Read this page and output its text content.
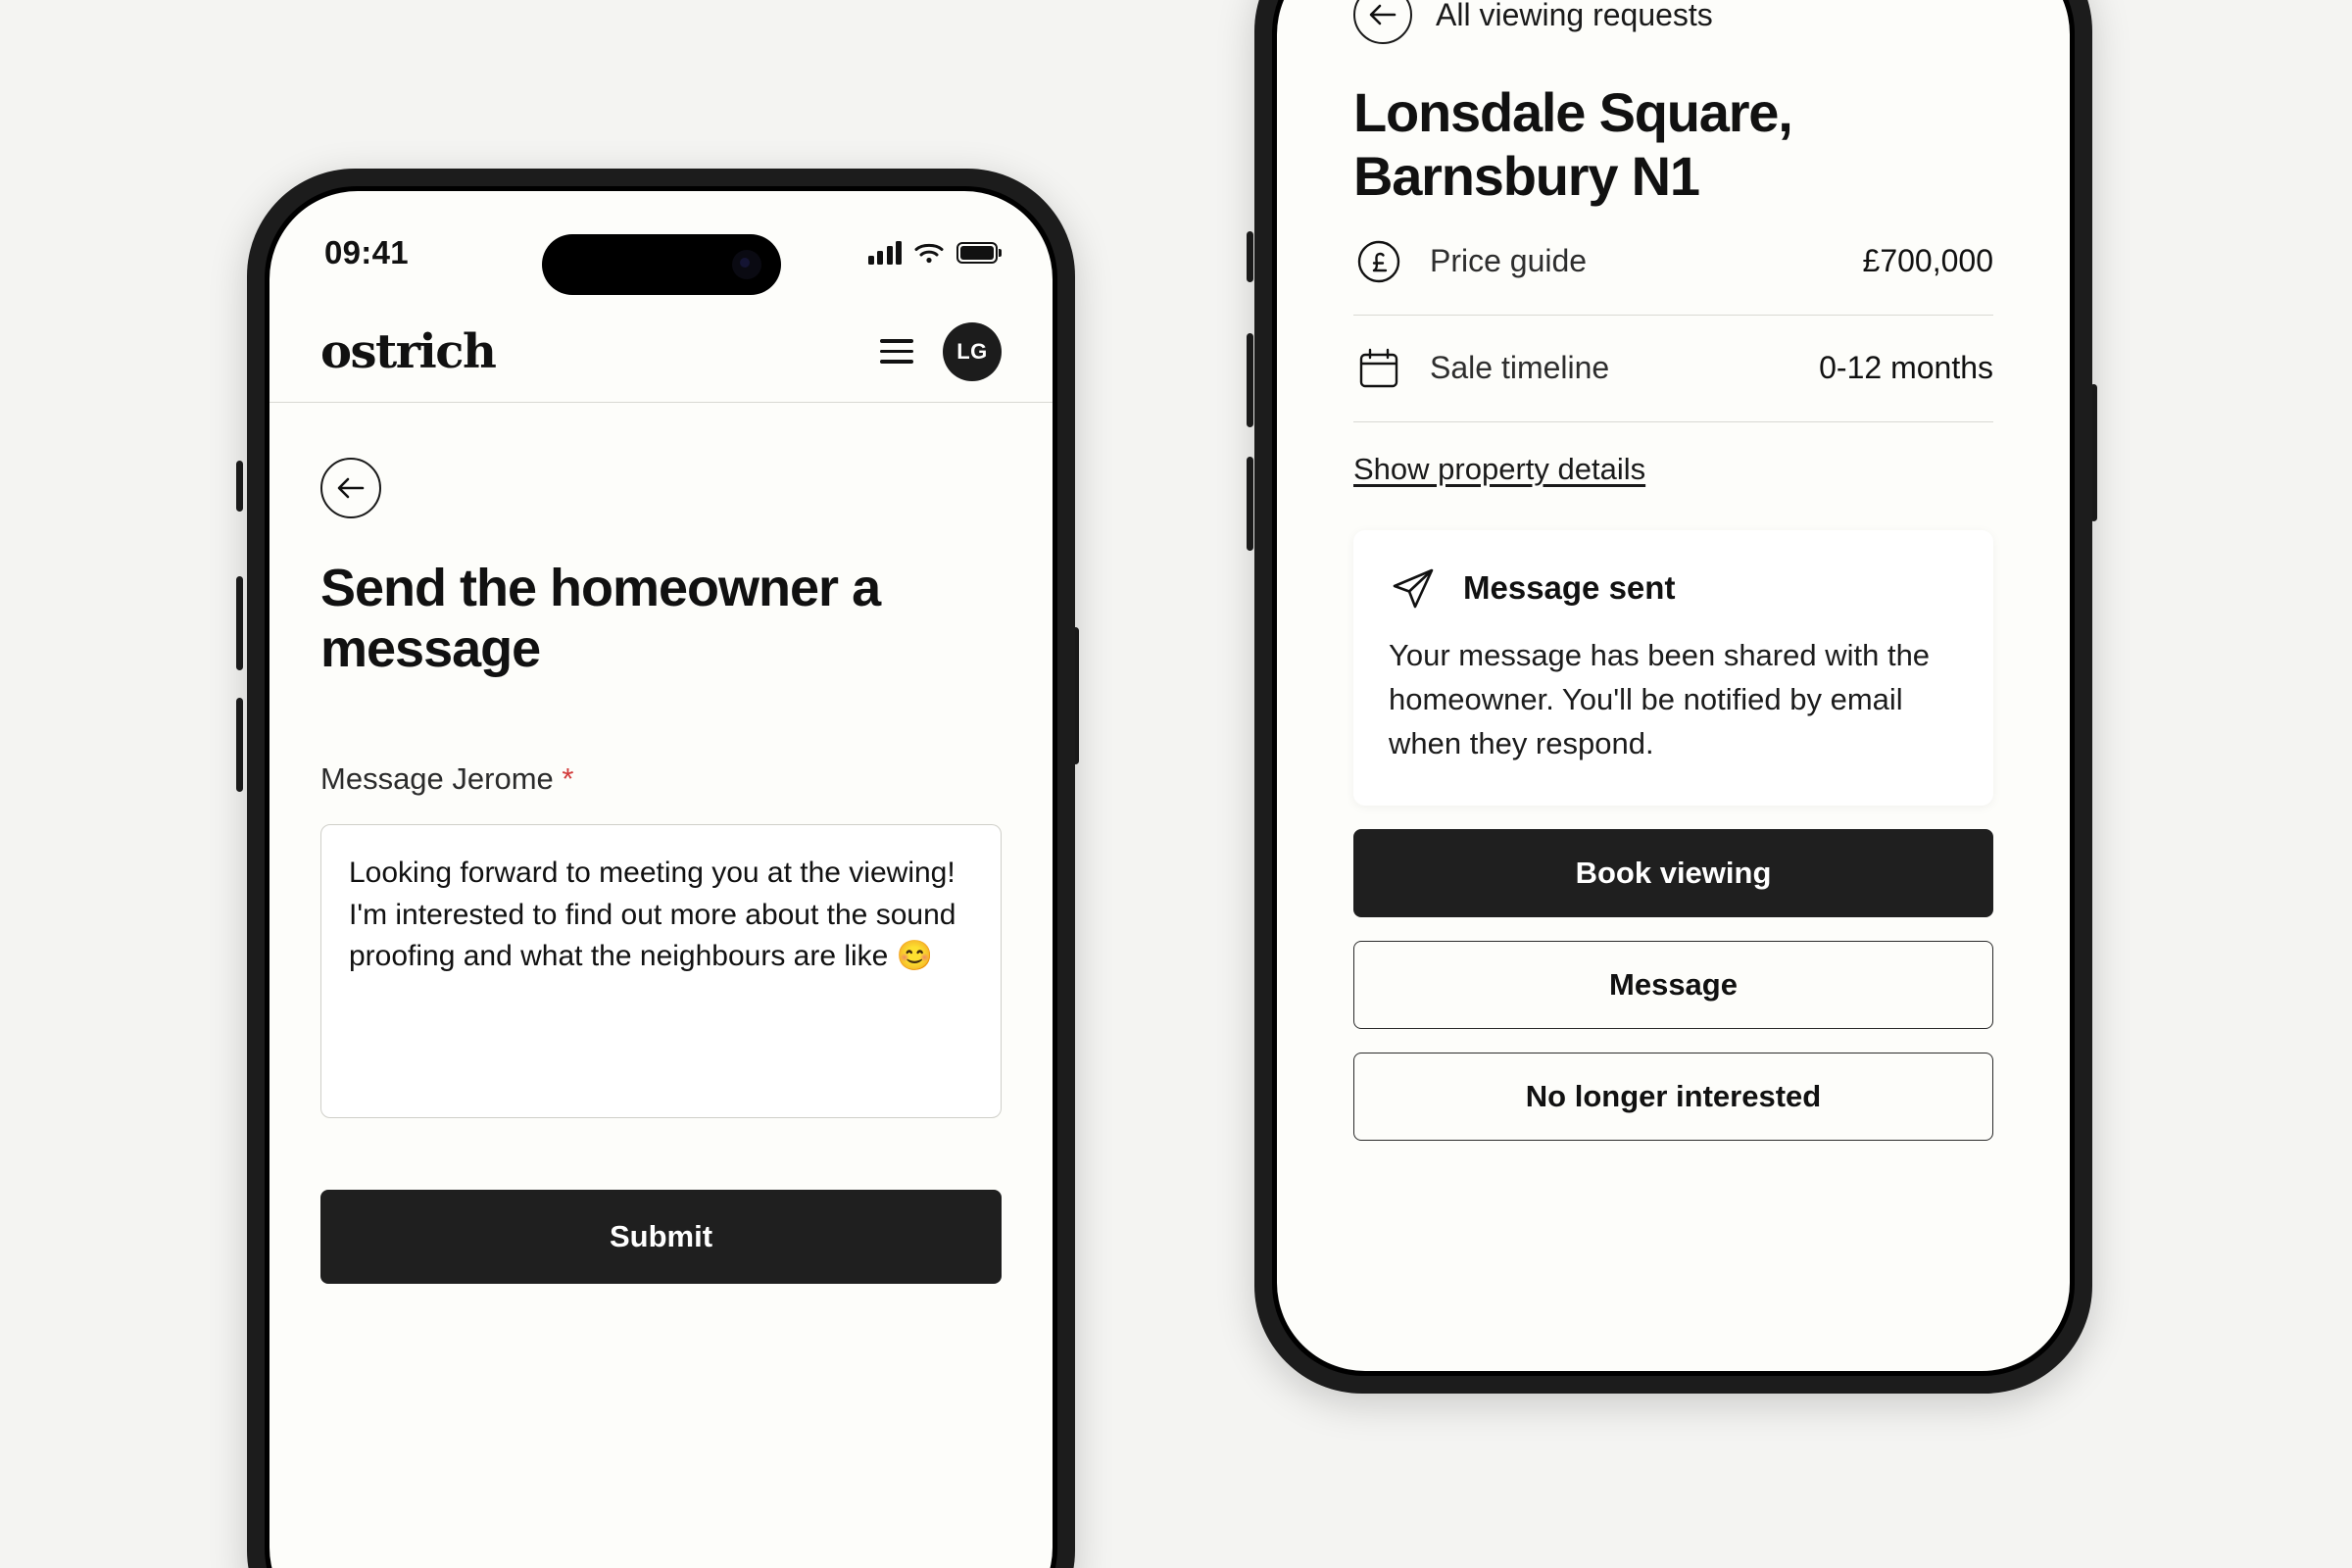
09:41
ostrich	LG
Send the homeowner a message
Message Jerome *
Looking forward to meeting you at the viewing! I'm interested to find out more about the sound proofing and what the neighbours are like 😊 Submit
All viewing requests
Lonsdale Square, Barnsbury N1
Price guide	£700,000
Sale timeline	0-12 months
Show property details
Message sent
Your message has been shared with the homeowner. You'll be notified by email when they respond.
Book viewing Message No longer interested
